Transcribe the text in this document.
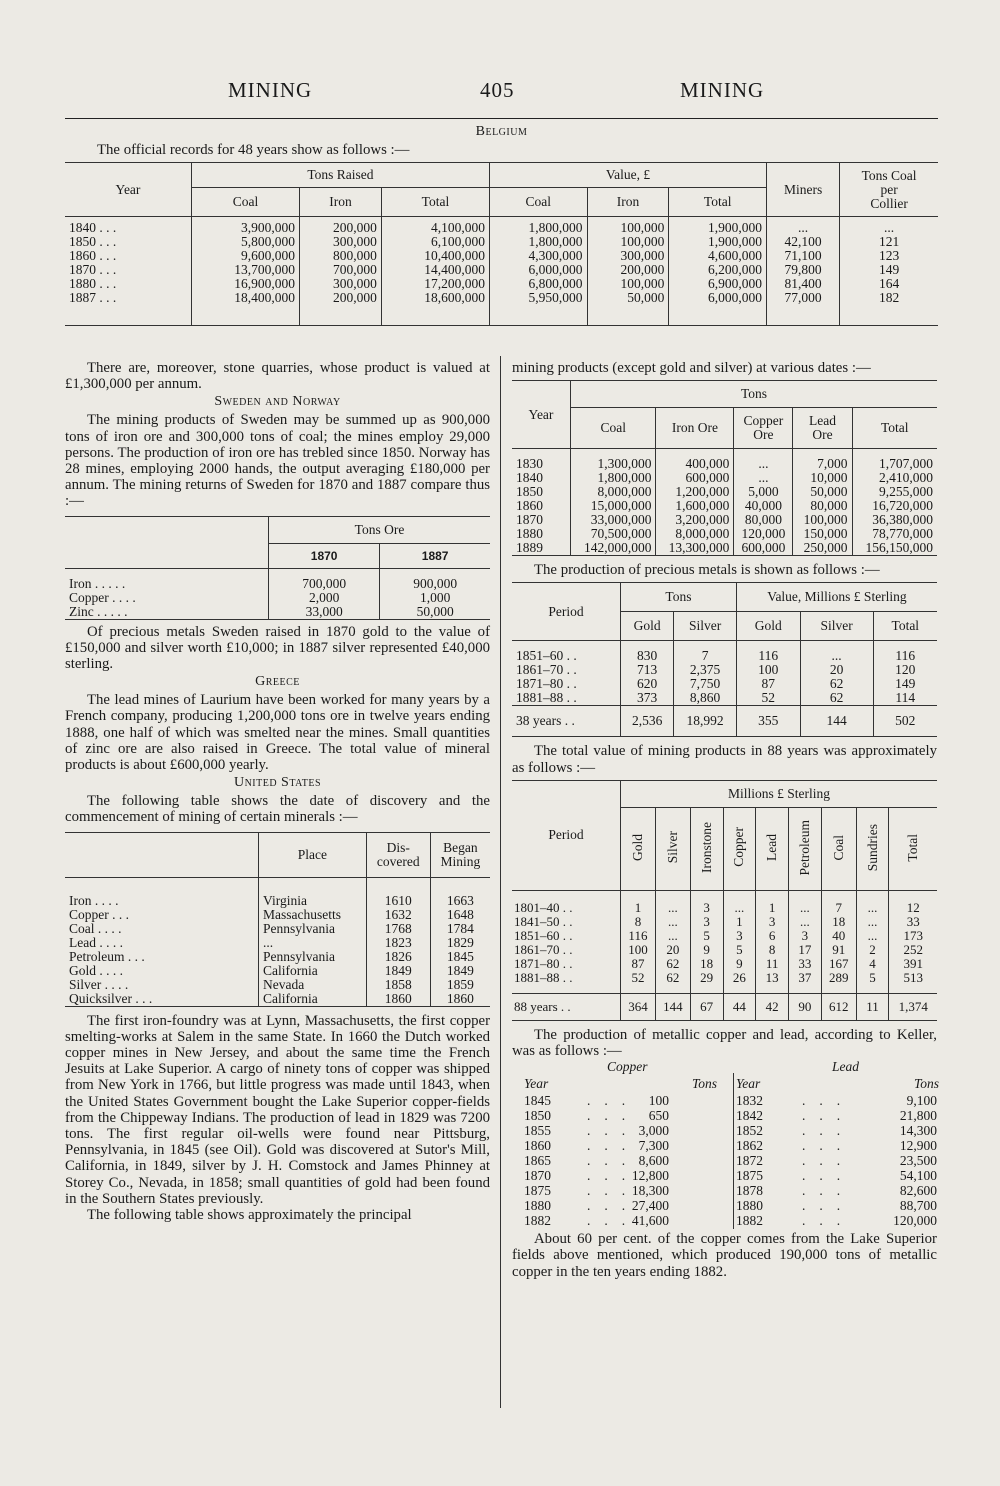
MINING	405	MINING
Belgium
The official records for 48 years show as follows :—
Year	Tons Raised			Value, £			Miners	Tons Coal
per
Collier
	Coal	Iron	Total	Coal	Iron	Total		
1840 . . .	3,900,000	200,000	4,100,000	1,800,000	100,000	1,900,000	...	...
1850 . . .	5,800,000	300,000	6,100,000	1,800,000	100,000	1,900,000	42,100	121
1860 . . .	9,600,000	800,000	10,400,000	4,300,000	300,000	4,600,000	71,100	123
1870 . . .	13,700,000	700,000	14,400,000	6,000,000	200,000	6,200,000	79,800	149
1880 . . .	16,900,000	300,000	17,200,000	6,800,000	100,000	6,900,000	81,400	164
1887 . . .	18,400,000	200,000	18,600,000	5,950,000	50,000	6,000,000	77,000	182

There are, moreover, stone quarries, whose product is valued at £1,300,000 per annum.

Sweden and Norway

The mining products of Sweden may be summed up as 900,000 tons of iron ore and 300,000 tons of coal; the mines employ 29,000 persons. The production of iron ore has trebled since 1850. Norway has 28 mines, employing 2000 hands, the output averaging £180,000 per annum. The mining returns of Sweden for 1870 and 1887 compare thus :—

	Tons Ore	
	1870	1887
Iron . . . . .	700,000	900,000
Copper . . . .	2,000	1,000
Zinc . . . . .	33,000	50,000

Of precious metals Sweden raised in 1870 gold to the value of £150,000 and silver worth £10,000; in 1887 silver represented £40,000 sterling.

Greece

The lead mines of Laurium have been worked for many years by a French company, producing 1,200,000 tons ore in twelve years ending 1888, one half of which was smelted near the mines. Small quantities of zinc ore are also raised in Greece. The total value of mineral products is about £600,000 yearly.

United States

The following table shows the date of discovery and the commencement of mining of certain minerals :—

	Place	Dis-
covered	Began
Mining
Iron . . . .	Virginia	1610	1663
Copper . . .	Massachusetts	1632	1648
Coal . . . .	Pennsylvania	1768	1784
Lead . . . .	...	1823	1829
Petroleum . . .	Pennsylvania	1826	1845
Gold . . . .	California	1849	1849
Silver . . . .	Nevada	1858	1859
Quicksilver . . .	California	1860	1860

The first iron-foundry was at Lynn, Massachusetts, the first copper smelting-works at Salem in the same State. In 1660 the Dutch worked copper mines in New Jersey, and about the same time the French Jesuits at Lake Superior. A cargo of ninety tons of copper was shipped from New York in 1766, but little progress was made until 1843, when the United States Government bought the Lake Superior copper-fields from the Chippeway Indians. The production of lead in 1829 was 7200 tons. The first regular oil-wells were found near Pittsburg, Pennsylvania, in 1845 (see Oil). Gold was discovered at Sutor's Mill, California, in 1849, silver by J. H. Comstock and James Phinney at Storey Co., Nevada, in 1858; small quantities of gold had been found in the Southern States previously.

The following table shows approximately the principal

mining products (except gold and silver) at various dates :—

Year	Tons				
	Coal	Iron Ore	Copper
Ore	Lead
Ore	Total
1830	1,300,000	400,000	...	7,000	1,707,000
1840	1,800,000	600,000	...	10,000	2,410,000
1850	8,000,000	1,200,000	5,000	50,000	9,255,000
1860	15,000,000	1,600,000	40,000	80,000	16,720,000
1870	33,000,000	3,200,000	80,000	100,000	36,380,000
1880	70,500,000	8,000,000	120,000	150,000	78,770,000
1889	142,000,000	13,300,000	600,000	250,000	156,150,000

The production of precious metals is shown as follows :—

Period	Tons		Value, Millions £ Sterling		
	Gold	Silver	Gold	Silver	Total
1851–60 . .	830	7	116	...	116
1861–70 . .	713	2,375	100	20	120
1871–80 . .	620	7,750	87	62	149
1881–88 . .	373	8,860	52	62	114
38 years . .	2,536	18,992	355	144	502

The total value of mining products in 88 years was approximately as follows :—

Period	Millions £ Sterling								
	Gold	Silver	Ironstone	Copper	Lead	Petroleum	Coal	Sundries	Total
1801–40 . .	1	...	3	...	1	...	7	...	12
1841–50 . .	8	...	3	1	3	...	18	...	33
1851–60 . .	116	...	5	3	6	3	40	...	173
1861–70 . .	100	20	9	5	8	17	91	2	252
1871–80 . .	87	62	18	9	11	33	167	4	391
1881–88 . .	52	62	29	26	13	37	289	5	513
88 years . .	364	144	67	44	42	90	612	11	1,374

The production of metallic copper and lead, according to Keller, was as follows :—

Copper	Lead
Year	Tons Year	Tons
1845	100	1832	9,100
...	...
1850	650	1842	21,800
...	...
1855	3,000	1852	14,300
...	...
1860	7,300	1862	12,900
...	...
1865	8,600	1872	23,500
...	...
1870	12,800	1875	54,100
...	...
1875	18,300	1878	82,600
...	...
1880	27,400	1880	88,700
...	...
1882	41,600	1882	120,000
...	...

About 60 per cent. of the copper comes from the Lake Superior fields above mentioned, which produced 190,000 tons of metallic copper in the ten years ending 1882.
